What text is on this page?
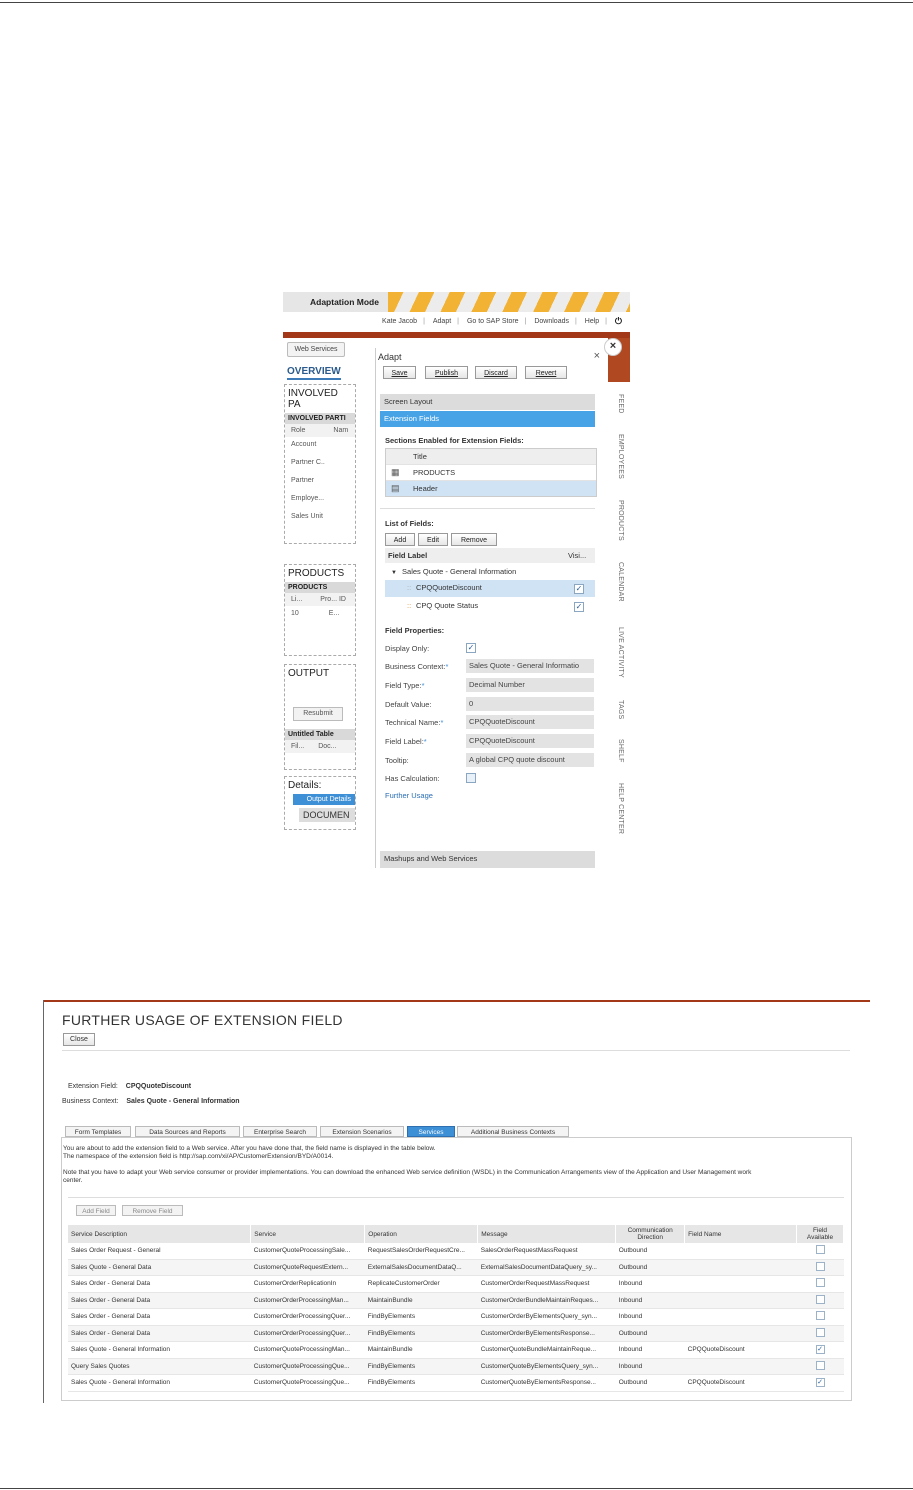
Adaptation Mode
Kate Jacob | Adapt | Go to SAP Store | Downloads | Help | ⏻
Web Services
OVERVIEW
INVOLVED PA
INVOLVED PARTI
Role	Nam
Account
Partner C..
Partner
Employe...
Sales Unit
PRODUCTS
PRODUCTS
Li...	Pro... ID
10	E...
OUTPUT
Resubmit
Untitled Table
Fil... Doc...
Details:
Output Details
DOCUMEN
Adapt	×
Save	Publish	Discard	Revert
Screen Layout
Extension Fields
Sections Enabled for Extension Fields:
Title
▦ PRODUCTS
▤ Header
List of Fields:
Add	Edit	Remove
Field Label	Visi...
▼ Sales Quote - General Information
:: CPQQuoteDiscount	✓
:: CPQ Quote Status	✓
Field Properties:
Display Only:	✓
Business Context:*	Sales Quote - General Informatio
Field Type:*	Decimal Number
Default Value:	0
Technical Name:*	CPQQuoteDiscount
Field Label:*	CPQQuoteDiscount
Tooltip:	A global CPQ quote discount
Has Calculation:
Further Usage
Mashups and Web Services
×
FEED
EMPLOYEES
PRODUCTS
CALENDAR
LIVE ACTIVITY
TAGS
SHELF
HELP CENTER
FURTHER USAGE OF EXTENSION FIELD
Close
Extension Field: CPQQuoteDiscount
Business Context: Sales Quote - General Information
Form Templates	Data Sources and Reports	Enterprise Search	Extension Scenarios	Services	Additional Business Contexts
You are about to add the extension field to a Web service. After you have done that, the field name is displayed in the table below.
The namespace of the extension field is http://sap.com/xi/AP/CustomerExtension/BYD/A0014.
Note that you have to adapt your Web service consumer or provider implementations. You can download the enhanced Web service definition (WSDL) in the Communication Arrangements view of the Application and User Management work
center.
Add Field	Remove Field
Service Description	Service	Operation	Message	Communication Direction	Field Name	Field Available
Sales Order Request - General	CustomerQuoteProcessingSale...	RequestSalesOrderRequestCre...	SalesOrderRequestMassRequest	Outbound		
Sales Quote - General Data	CustomerQuoteRequestExtern...	ExternalSalesDocumentDataQ...	ExternalSalesDocumentDataQuery_sy...	Outbound		
Sales Order - General Data	CustomerOrderReplicationIn	ReplicateCustomerOrder	CustomerOrderRequestMassRequest	Inbound		
Sales Order - General Data	CustomerOrderProcessingMan...	MaintainBundle	CustomerOrderBundleMaintainReques...	Inbound		
Sales Order - General Data	CustomerOrderProcessingQuer...	FindByElements	CustomerOrderByElementsQuery_syn...	Inbound		
Sales Order - General Data	CustomerOrderProcessingQuer...	FindByElements	CustomerOrderByElementsResponse...	Outbound		
Sales Quote - General Information	CustomerQuoteProcessingMan...	MaintainBundle	CustomerQuoteBundleMaintainReque...	Inbound	CPQQuoteDiscount	✓
Query Sales Quotes	CustomerQuoteProcessingQue...	FindByElements	CustomerQuoteByElementsQuery_syn...	Inbound		
Sales Quote - General Information	CustomerQuoteProcessingQue...	FindByElements	CustomerQuoteByElementsResponse...	Outbound	CPQQuoteDiscount	✓
